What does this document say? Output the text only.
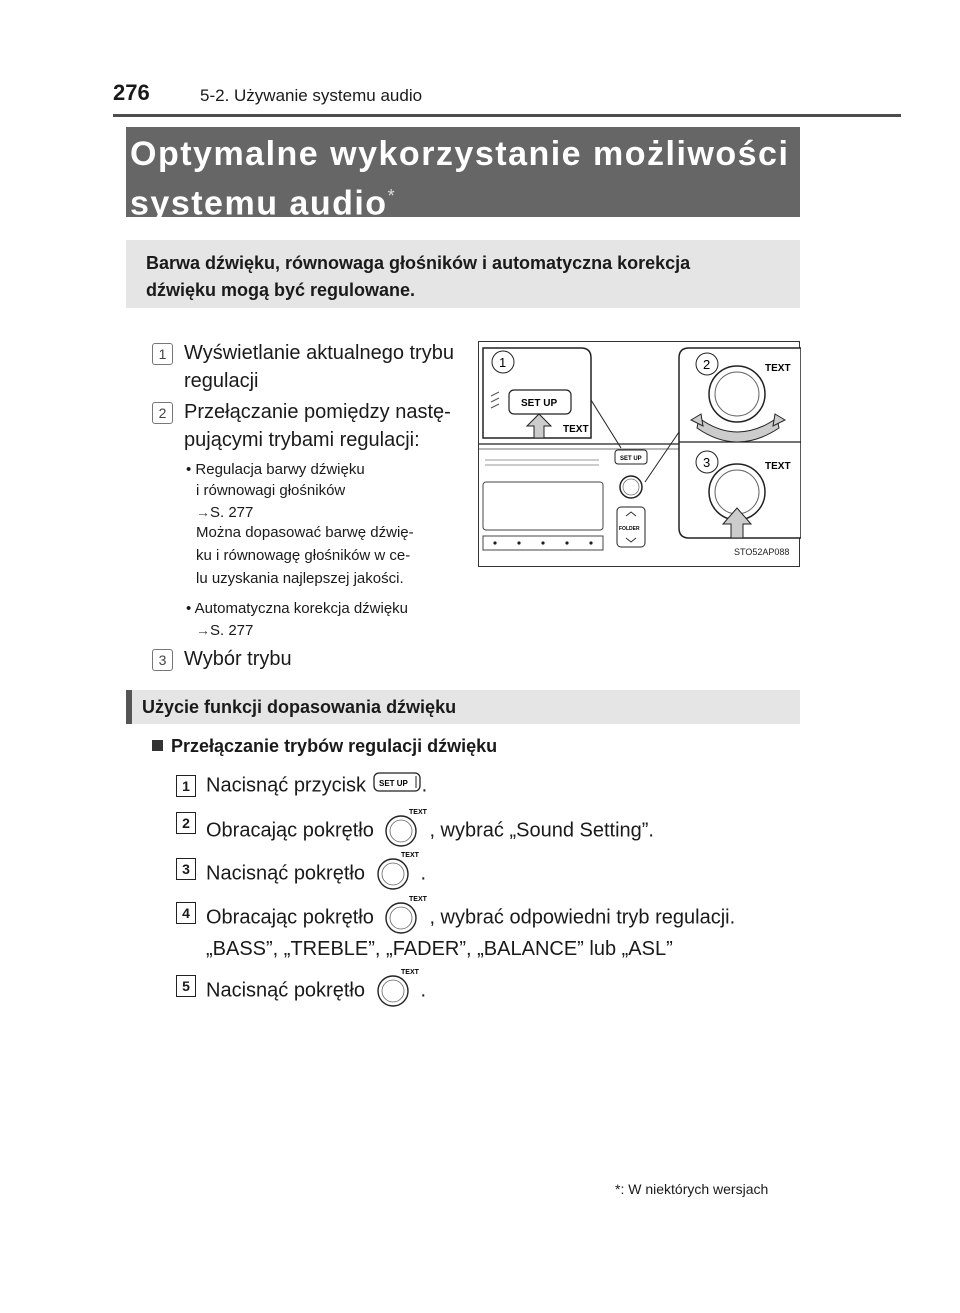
276	5-2. Używanie systemu audio
Optymalne wykorzystanie możliwości
systemu audio*
Barwa dźwięku, równowaga głośników i automatyczna korekcja
dźwięku mogą być regulowane.
1 Wyświetlanie aktualnego trybu
regulacji
2 Przełączanie pomiędzy nastę-
pującymi trybami regulacji:
• Regulacja barwy dźwięku
i równowagi głośników
→S. 277
Można dopasować barwę dźwię-
ku i równowagę głośników w ce-
lu uzyskania najlepszej jakości.
• Automatyczna korekcja dźwięku
→S. 277
3 Wybór trybu
SET UP
FOLDER
1
SET UP
TEXT
2	TEXT
3	TEXT
STO52AP088
Użycie funkcji dopasowania dźwięku
Przełączanie trybów regulacji dźwięku
1 Nacisnąć przycisk SET UP .
2 Obracając pokrętło
TEXT
, wybrać „Sound Setting”.
3 Nacisnąć pokrętło
TEXT
.
4 Obracając pokrętło
TEXT
, wybrać odpowiedni tryb regulacji.
„BASS”, „TREBLE”, „FADER”, „BALANCE” lub „ASL”
5 Nacisnąć pokrętło
TEXT
.
*: W niektórych wersjach
